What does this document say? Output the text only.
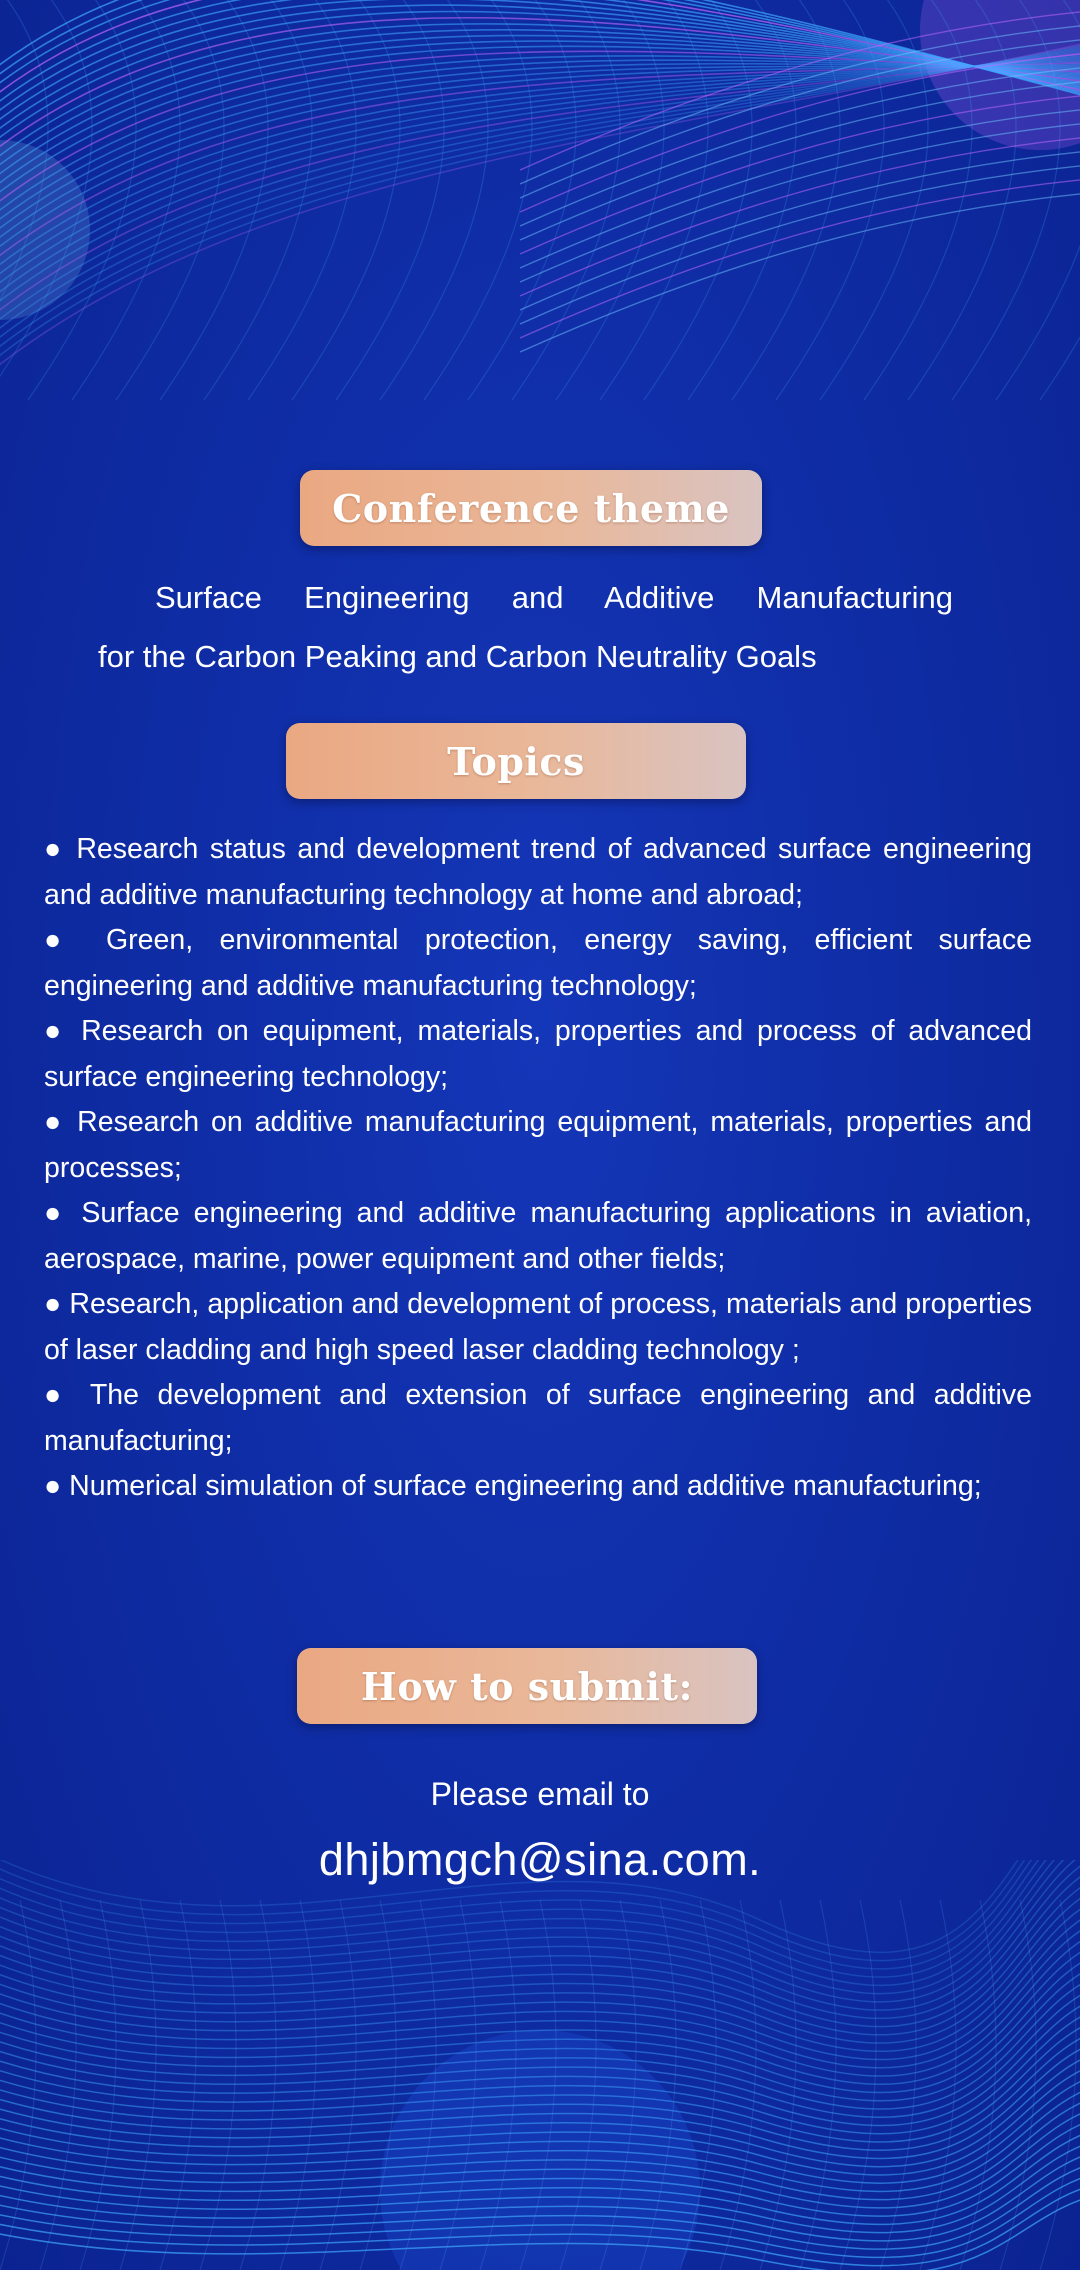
Conference theme
Surface Engineering and Additive Manufacturing
for the Carbon Peaking and Carbon Neutrality Goals
Topics
● Research status and development trend of advanced surface engineering and additive manufacturing technology at home and abroad;
● Green, environmental protection, energy saving, efficient surface engineering and additive manufacturing technology;
● Research on equipment, materials, properties and process of advanced surface engineering technology;
● Research on additive manufacturing equipment, materials, properties and processes;
● Surface engineering and additive manufacturing applications in aviation, aerospace, marine, power equipment and other fields;
● Research, application and development of process, materials and properties of laser cladding and high speed laser cladding technology ;
● The development and extension of surface engineering and additive manufacturing;
● Numerical simulation of surface engineering and additive manufacturing;
How to submit:
Please email to
dhjbmgch@sina.com.
